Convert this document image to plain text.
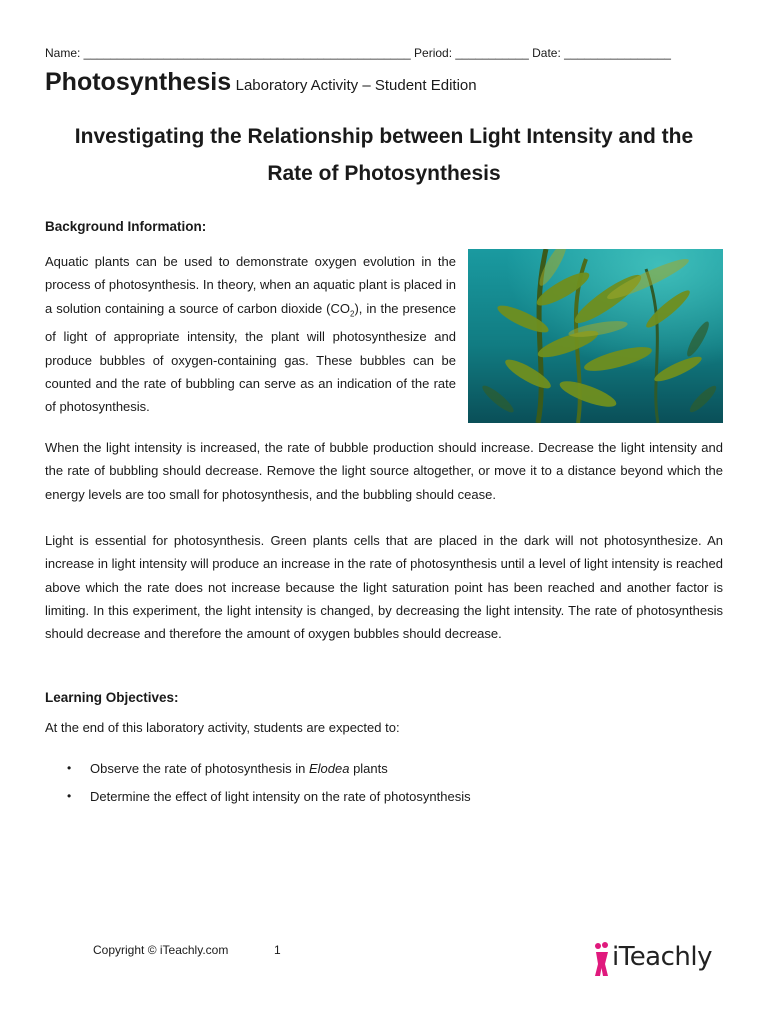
Name: _________________________________________________ Period: ___________ Date: ________________
Photosynthesis Laboratory Activity – Student Edition
Investigating the Relationship between Light Intensity and the
Rate of Photosynthesis
Background Information:
Aquatic plants can be used to demonstrate oxygen evolution in the process of photosynthesis. In theory, when an aquatic plant is placed in a solution containing a source of carbon dioxide $(CO_2)$, in the presence of light of appropriate intensity, the plant will photosynthesize and produce bubbles of oxygen-containing gas. These bubbles can be counted and the rate of bubbling can serve as an indication of the rate of photosynthesis.
When the light intensity is increased, the rate of bubble production should increase. Decrease the light intensity and the rate of bubbling should decrease. Remove the light source altogether, or move it to a distance beyond which the energy levels are too small for photosynthesis, and the bubbling should cease.
Light is essential for photosynthesis. Green plants cells that are placed in the dark will not photosynthesize. An increase in light intensity will produce an increase in the rate of photosynthesis until a level of light intensity is reached above which the rate does not increase because the light saturation point has been reached and another factor is limiting. In this experiment, the light intensity is changed, by decreasing the light intensity. The rate of photosynthesis should decrease and therefore the amount of oxygen bubbles should decrease.
Learning Objectives:
At the end of this laboratory activity, students are expected to:
• Observe the rate of photosynthesis in Elodea plants
• Determine the effect of light intensity on the rate of photosynthesis
Copyright © iTeachly.com	1	iTeachly
